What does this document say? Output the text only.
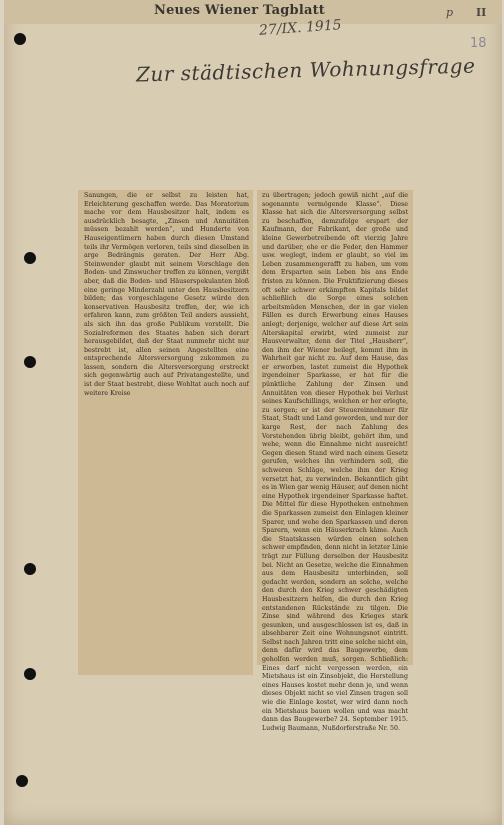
Neues Wiener Tagblatt
27/IX. 1915
p II
18
Zur städtischen Wohnungsfrage
Sanungen, die er selbst zu leisten hat, Erleichterung geschaffen werde. Das Moratorium mache vor dem Hausbesitzer halt, indem es ausdrücklich besagte, „Zinsen und Annuitäten müssen bezahlt werden“, und Hunderte von Hauseigentümern haben durch diesen Umstand teils ihr Vermögen verloren, teils sind dieselben in arge Bedrängnis geraten. Der Herr Abg. Steinwender glaubt mit seinem Vorschlage den Boden- und Zinswucher treffen zu können, vergißt aber, daß die Boden- und Häuserspekulanten bloß eine geringe Minderzahl unter den Hausbesitzern bilden; das vorgeschlagene Gesetz würde den konservativen Hausbesitz treffen, der, wie ich erfahren kann, zum größten Teil anders aussieht, als sich ihn das große Publikum vorstellt. Die Sozialreformen des Staates haben sich derart herausgebildet, daß der Staat nunmehr nicht nur bestrebt ist, allen seinen Angestellten eine entsprechende Altersversorgung zukommen zu lassen, sondern die Altersversorgung erstreckt sich gegenwärtig auch auf Privatangestellte, und ist der Staat bestrebt, diese Wohltat auch noch auf weitere Kreise
zu übertragen; jedoch gewiß nicht „auf die sogenannte vermögende Klasse“. Diese Klasse hat sich die Altersversorgung selbst zu beschaffen, demzufolge erspart der Kaufmann, der Fabrikant, der große und kleine Gewerbetreibende oft vierzig Jahre und darüber, ehe er die Feder, den Hammer usw. weglegt, indem er glaubt, so viel im Leben zusammengerafft zu haben, um vom dem Ersparten sein Leben bis ans Ende fristen zu können. Die Fruktifizierung dieses oft sehr schwer erkämpften Kapitals bildet schließlich die Sorge eines solchen arbeitsmüden Menschen, der in gar vielen Fällen es durch Erwerbung eines Hauses anlegt; derjenige, welcher auf diese Art sein Alterskapital erwirbt, wird zumeist zur Hausverwalter, denn der Titel „Hausherr“, den ihm der Wiener beilegt, kommt ihm in Wahrheit gar nicht zu. Auf dem Hause, das er erworben, lastet zumeist die Hypothek irgendeiner Sparkasse, er hat für die pünktliche Zahlung der Zinsen und Annuitäten von dieser Hypothek bei Verlust seines Kaufschillings, welchen er her erlegte, zu sorgen; er ist der Steuereinnehmer für Staat, Stadt und Land geworden, und nur der karge Rest, der nach Zahlung des Vorstehenden übrig bleibt, gehört ihm, und wehe, wenn die Einnahme nicht ausreicht! Gegen diesen Stand wird nach einem Gesetz gerufen, welches ihn verhindern soll, die schweren Schläge, welche ihm der Krieg versetzt hat, zu verwinden. Bekanntlich gibt es in Wien gar wenig Häuser, auf denen nicht eine Hypothek irgendeiner Sparkasse haftet. Die Mittel für diese Hypotheken entnehmen die Sparkassen zumeist den Einlagen kleiner Sparer, und wehe den Sparkassen und deren Sparern, wenn ein Häuserkrach käme. Auch die Staatskassen würden einen solchen schwer empfinden, denn nicht in letzter Linie trägt zur Füllung derselben der Hausbesitz bei. Nicht an Gesetze, welche die Einnahmen aus dem Hausbesitz unterbinden, soll gedacht werden, sondern an solche, welche den durch den Krieg schwer geschädigten Hausbesitzern helfen, die durch den Krieg entstandenen Rückstände zu tilgen. Die Zinse sind während des Krieges stark gesunken, und ausgeschlossen ist es, daß in absehbarer Zeit eine Wohnungsnot eintritt. Selbst nach Jahren tritt eine solche nicht ein, denn dafür wird das Baugewerbe, dem geholfen werden muß, sorgen. Schließlich: Eines darf nicht vergessen werden, ein Mietshaus ist ein Zinsobjekt, die Herstellung eines Hauses kostet mehr denn je, und wenn dieses Objekt nicht so viel Zinsen tragen soll wie die Einlage kostet, wer wird dann noch ein Mietshaus bauen wollen und was macht dann das Baugewerbe? 24. September 1915. Ludwig Baumann, Nußdorferstraße Nr. 50.
